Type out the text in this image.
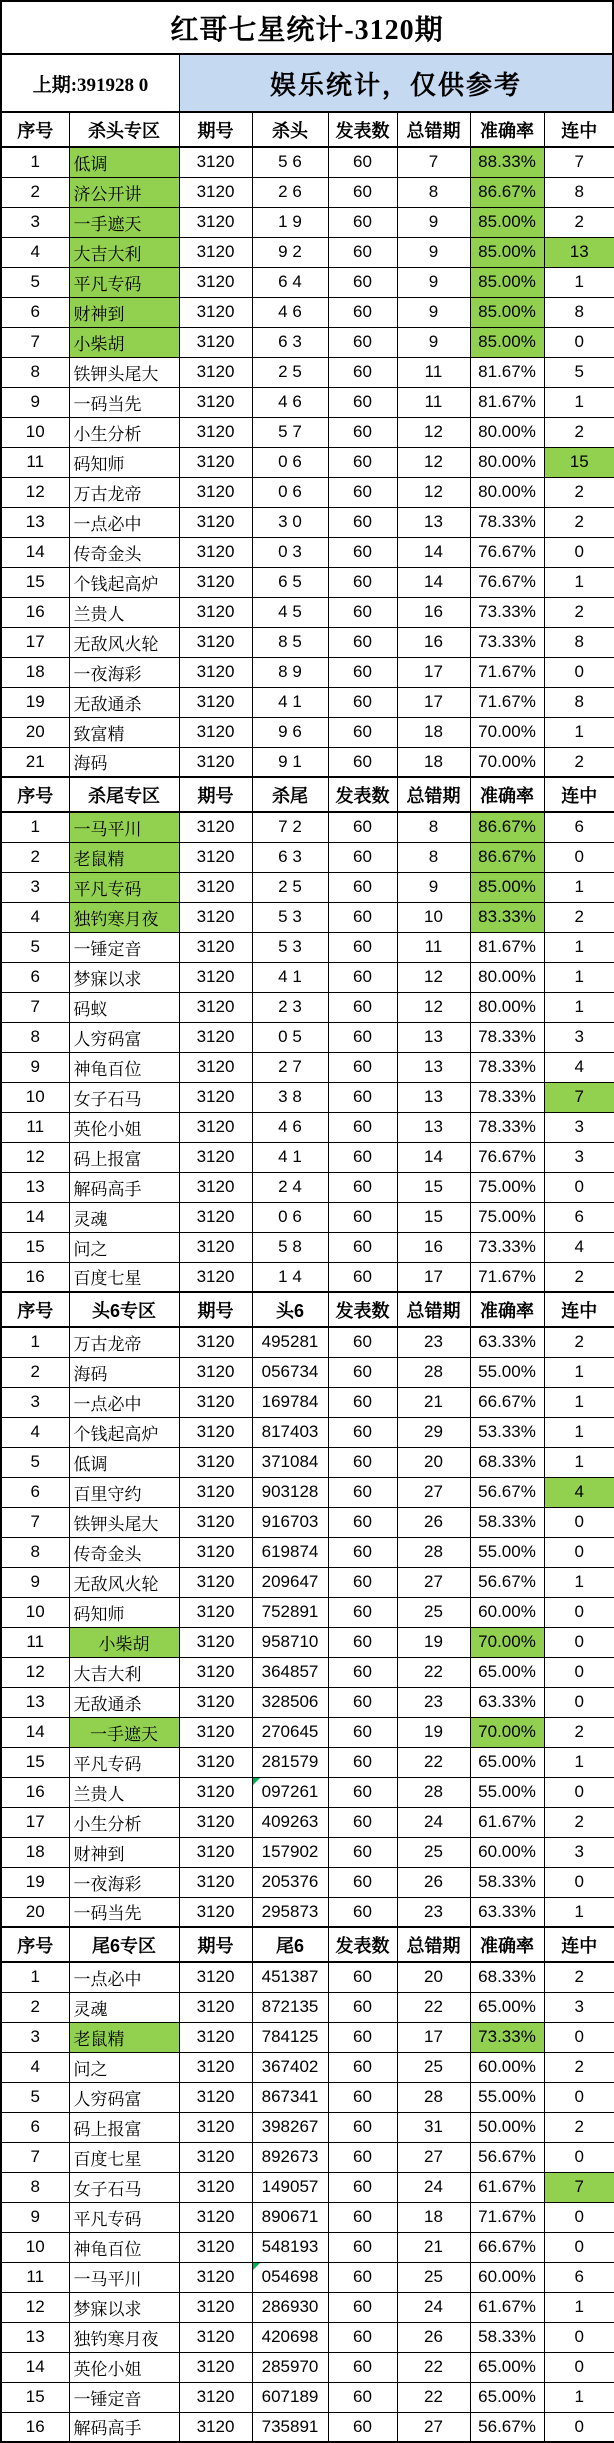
红哥七星统计-3120期
上期:391928 0	娱乐统计，仅供参考
序号	杀头专区	期号	杀头	发表数	总错期	准确率	连中
1	低调	3120	5 6	60	7	88.33%	7
2	济公开讲	3120	2 6	60	8	86.67%	8
3	一手遮天	3120	1 9	60	9	85.00%	2
4	大吉大利	3120	9 2	60	9	85.00%	13
5	平凡专码	3120	6 4	60	9	85.00%	1
6	财神到	3120	4 6	60	9	85.00%	8
7	小柴胡	3120	6 3	60	9	85.00%	0
8	铁钾头尾大	3120	2 5	60	11	81.67%	5
9	一码当先	3120	4 6	60	11	81.67%	1
10	小生分析	3120	5 7	60	12	80.00%	2
11	码知师	3120	0 6	60	12	80.00%	15
12	万古龙帝	3120	0 6	60	12	80.00%	2
13	一点必中	3120	3 0	60	13	78.33%	2
14	传奇金头	3120	0 3	60	14	76.67%	0
15	个钱起高炉	3120	6 5	60	14	76.67%	1
16	兰贵人	3120	4 5	60	16	73.33%	2
17	无敌风火轮	3120	8 5	60	16	73.33%	8
18	一夜海彩	3120	8 9	60	17	71.67%	0
19	无敌通杀	3120	4 1	60	17	71.67%	8
20	致富精	3120	9 6	60	18	70.00%	1
21	海码	3120	9 1	60	18	70.00%	2
序号	杀尾专区	期号	杀尾	发表数	总错期	准确率	连中
1	一马平川	3120	7 2	60	8	86.67%	6
2	老鼠精	3120	6 3	60	8	86.67%	0
3	平凡专码	3120	2 5	60	9	85.00%	1
4	独钓寒月夜	3120	5 3	60	10	83.33%	2
5	一锤定音	3120	5 3	60	11	81.67%	1
6	梦寐以求	3120	4 1	60	12	80.00%	1
7	码蚁	3120	2 3	60	12	80.00%	1
8	人穷码富	3120	0 5	60	13	78.33%	3
9	神龟百位	3120	2 7	60	13	78.33%	4
10	女子石马	3120	3 8	60	13	78.33%	7
11	英伦小姐	3120	4 6	60	13	78.33%	3
12	码上报富	3120	4 1	60	14	76.67%	3
13	解码高手	3120	2 4	60	15	75.00%	0
14	灵魂	3120	0 6	60	15	75.00%	6
15	问之	3120	5 8	60	16	73.33%	4
16	百度七星	3120	1 4	60	17	71.67%	2
序号	头6专区	期号	头6	发表数	总错期	准确率	连中
1	万古龙帝	3120	495281	60	23	63.33%	2
2	海码	3120	056734	60	28	55.00%	1
3	一点必中	3120	169784	60	21	66.67%	1
4	个钱起高炉	3120	817403	60	29	53.33%	1
5	低调	3120	371084	60	20	68.33%	1
6	百里守约	3120	903128	60	27	56.67%	4
7	铁钾头尾大	3120	916703	60	26	58.33%	0
8	传奇金头	3120	619874	60	28	55.00%	0
9	无敌风火轮	3120	209647	60	27	56.67%	1
10	码知师	3120	752891	60	25	60.00%	0
11	小柴胡	3120	958710	60	19	70.00%	0
12	大吉大利	3120	364857	60	22	65.00%	0
13	无敌通杀	3120	328506	60	23	63.33%	0
14	一手遮天	3120	270645	60	19	70.00%	2
15	平凡专码	3120	281579	60	22	65.00%	1
16	兰贵人	3120	097261	60	28	55.00%	0
17	小生分析	3120	409263	60	24	61.67%	2
18	财神到	3120	157902	60	25	60.00%	3
19	一夜海彩	3120	205376	60	26	58.33%	0
20	一码当先	3120	295873	60	23	63.33%	1
序号	尾6专区	期号	尾6	发表数	总错期	准确率	连中
1	一点必中	3120	451387	60	20	68.33%	2
2	灵魂	3120	872135	60	22	65.00%	3
3	老鼠精	3120	784125	60	17	73.33%	0
4	问之	3120	367402	60	25	60.00%	2
5	人穷码富	3120	867341	60	28	55.00%	0
6	码上报富	3120	398267	60	31	50.00%	2
7	百度七星	3120	892673	60	27	56.67%	0
8	女子石马	3120	149057	60	24	61.67%	7
9	平凡专码	3120	890671	60	18	71.67%	0
10	神龟百位	3120	548193	60	21	66.67%	0
11	一马平川	3120	054698	60	25	60.00%	6
12	梦寐以求	3120	286930	60	24	61.67%	1
13	独钓寒月夜	3120	420698	60	26	58.33%	0
14	英伦小姐	3120	285970	60	22	65.00%	0
15	一锤定音	3120	607189	60	22	65.00%	1
16	解码高手	3120	735891	60	27	56.67%	0
